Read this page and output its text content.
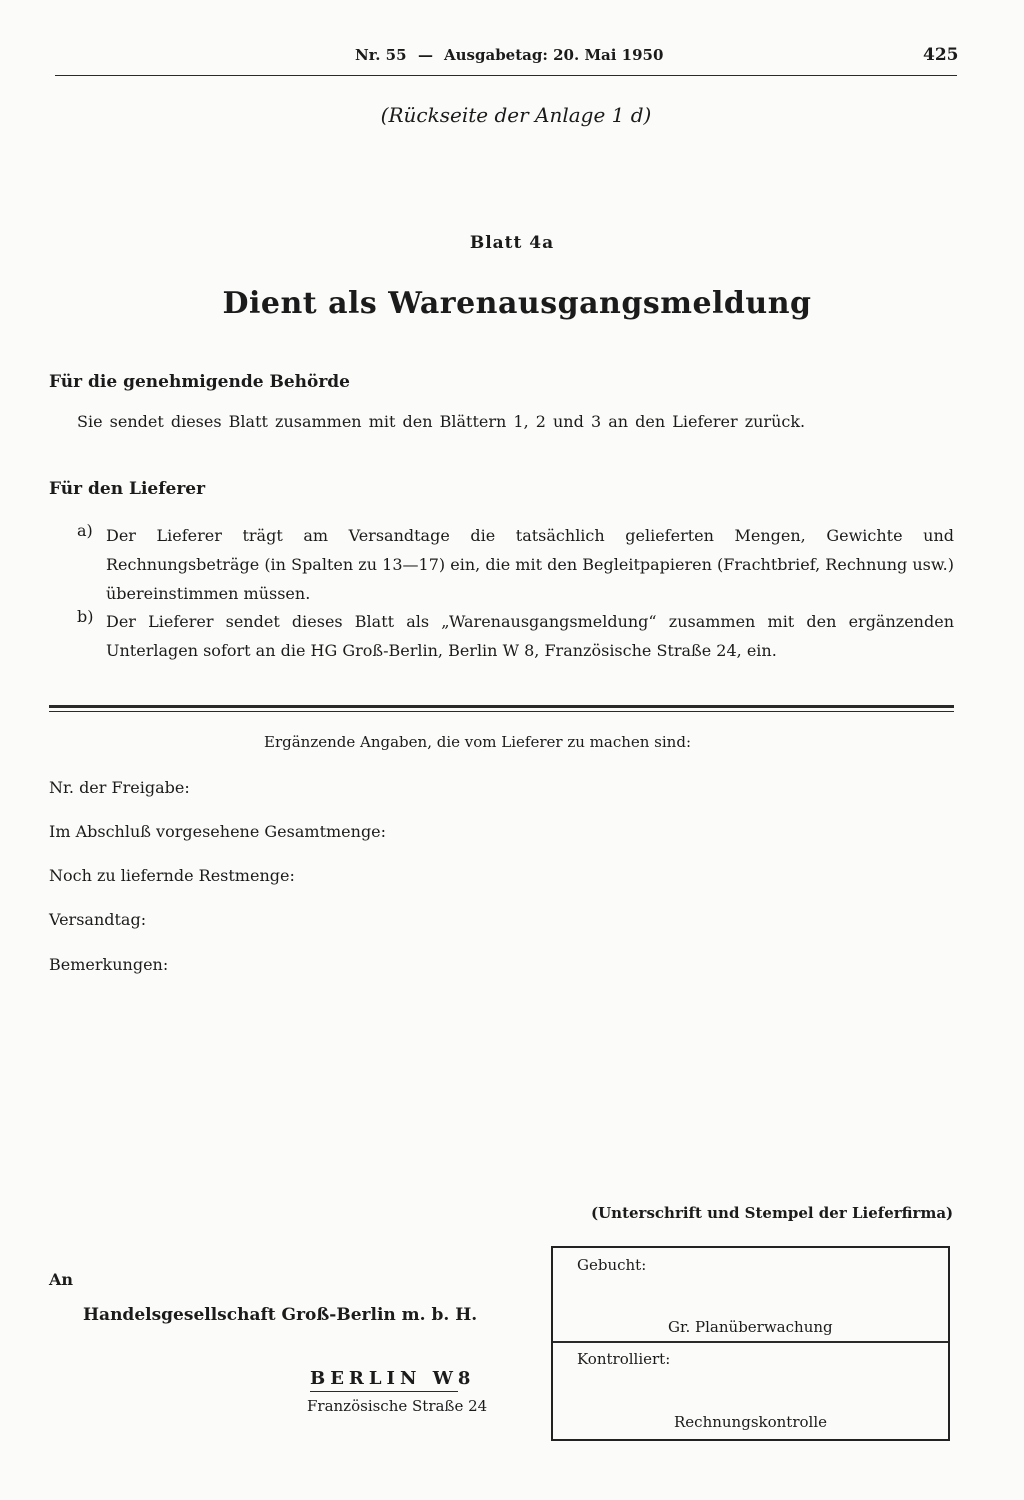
Nr. 55 — Ausgabetag: 20. Mai 1950	425
(Rückseite der Anlage 1 d)
Blatt 4a
Dient als Warenausgangsmeldung
Für die genehmigende Behörde
Sie sendet dieses Blatt zusammen mit den Blättern 1, 2 und 3 an den Lieferer zurück.
Für den Lieferer
a) Der Lieferer trägt am Versandtage die tatsächlich gelieferten Mengen, Gewichte und Rechnungsbeträge (in Spalten zu 13—17) ein, die mit den Begleitpapieren (Frachtbrief, Rechnung usw.) übereinstimmen müssen.
b) Der Lieferer sendet dieses Blatt als „Warenausgangsmeldung“ zusammen mit den ergänzenden Unterlagen sofort an die HG Groß-Berlin, Berlin W 8, Französische Straße 24, ein.
Ergänzende Angaben, die vom Lieferer zu machen sind:
Nr. der Freigabe:
Im Abschluß vorgesehene Gesamtmenge:
Noch zu liefernde Restmenge:
Versandtag:
Bemerkungen:
(Unterschrift und Stempel der Lieferfirma)
An
Handelsgesellschaft Groß-Berlin m. b. H.
BERLIN W8
Französische Straße 24
Gebucht:
Gr. Planüberwachung
Kontrolliert:
Rechnungskontrolle
